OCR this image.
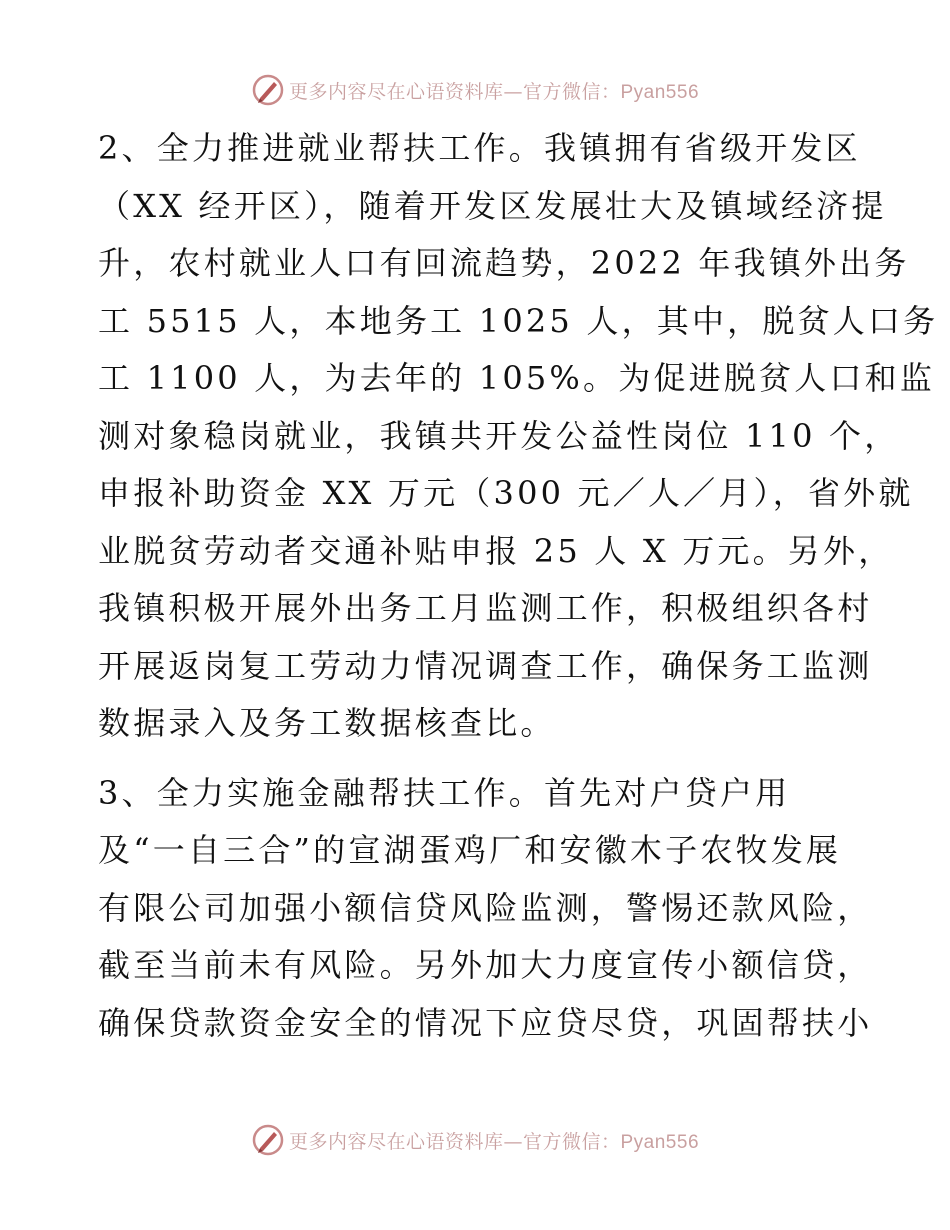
更多内容尽在心语资料库—官方微信：Pyan556

2、全力推进就业帮扶工作。我镇拥有省级开发区
（XX 经开区），随着开发区发展壮大及镇域经济提
升，农村就业人口有回流趋势，2022 年我镇外出务
工 5515 人，本地务工 1025 人，其中，脱贫人口务
工 1100 人，为去年的 105%。为促进脱贫人口和监
测对象稳岗就业，我镇共开发公益性岗位 110 个，
申报补助资金 XX 万元（300 元／人／月），省外就
业脱贫劳动者交通补贴申报 25 人 X 万元。另外，
我镇积极开展外出务工月监测工作，积极组织各村
开展返岗复工劳动力情况调查工作，确保务工监测
数据录入及务工数据核查比。

3、全力实施金融帮扶工作。首先对户贷户用
及“一自三合”的宣湖蛋鸡厂和安徽木子农牧发展
有限公司加强小额信贷风险监测，警惕还款风险，
截至当前未有风险。另外加大力度宣传小额信贷，
确保贷款资金安全的情况下应贷尽贷，巩固帮扶小

更多内容尽在心语资料库—官方微信：Pyan556
